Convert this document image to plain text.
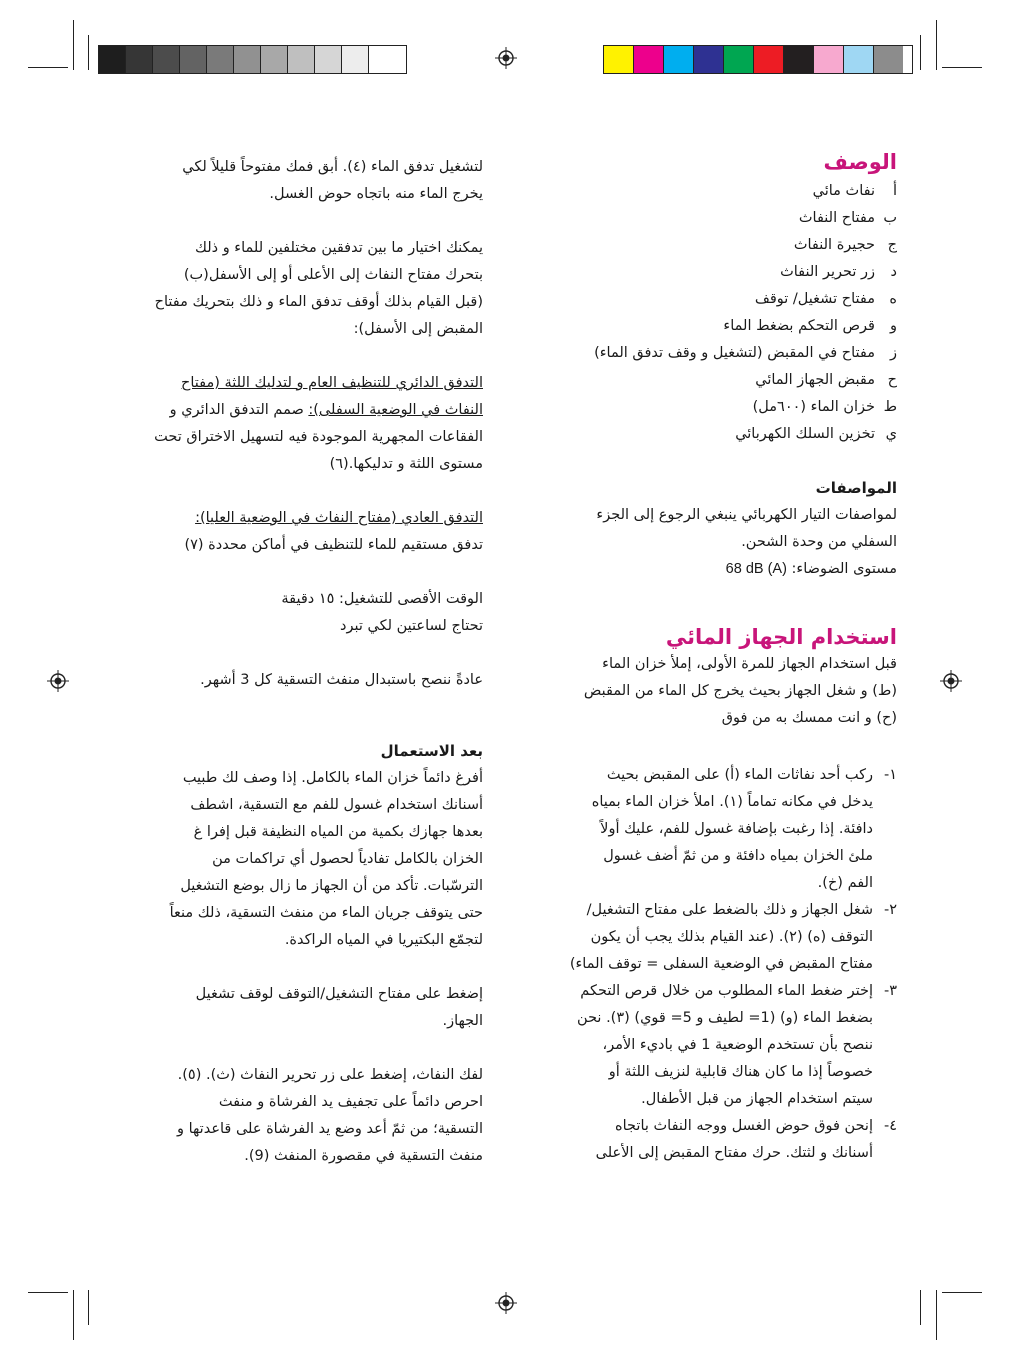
الوصف

أ
نفاث مائي
ب
مفتاح النفاث
ج
حجيرة النفاث
د
زر تحرير النفاث
ه
مفتاح تشغيل/ توقف
و
قرص التحكم بضغط الماء
ز
مفتاح في المقبض (لتشغيل و وقف تدفق الماء)
ح
مقبض الجهاز المائي
ط
خزان الماء (٦٠٠مل)
ي
تخزين السلك الكهربائي

المواصفات

لمواصفات التيار الكهربائي ينبغي الرجوع إلى الجزء

السفلي من وحدة الشحن.

مستوى الضوضاء: 68 dB (A)

استخدام الجهاز المائي

قبل استخدام الجهاز للمرة الأولى، إملأ خزان الماء

(ط) و شغل الجهاز بحيث يخرج كل الماء من المقبض

(ح) و انت ممسك به من فوق

١-

ركب أحد نفاثات الماء (أ) على المقبض بحيث

يدخل في مكانه تماماً (١). املأ خزان الماء بمياه

دافئة. إذا رغبت بإضافة غسول للفم، عليك أولاً

ملئ الخزان بمياه دافئة و من ثمّ أضف غسول

الفم (خ).

٢-

شغل الجهاز و ذلك بالضغط على مفتاح التشغيل/

التوقف (ه) (٢). (عند القيام بذلك يجب أن يكون

مفتاح المقبض في الوضعية السفلى = توقف الماء)

٣-

إختر ضغط الماء المطلوب من خلال قرص التحكم

بضغط الماء (و) (1= لطيف و 5= قوي) (٣). نحن

ننصح بأن تستخدم الوضعية 1 في باديء الأمر،

خصوصاً إذا ما كان هناك قابلية لنزيف اللثة أو

سيتم استخدام الجهاز من قبل الأطفال.

٤-

إنحن فوق حوض الغسل ووجه النفاث باتجاه

أسنانك و لثتك. حرك مفتاح المقبض إلى الأعلى

لتشغيل تدفق الماء (٤). أبق فمك مفتوحاً قليلاً لكي

يخرج الماء منه باتجاه حوض الغسل.

يمكنك اختيار ما بين تدفقين مختلفين للماء و ذلك

بتحرك مفتاح النفاث إلى الأعلى أو إلى الأسفل(ب)

(قبل القيام بذلك أوقف تدفق الماء و ذلك بتحريك مفتاح

المقبض إلى الأسفل):

التدفق الدائري للتنظيف العام و لتدليك اللثة (مفتاح

النفاث في الوضعية السفلى): صمم التدفق الدائري و

الفقاعات المجهرية الموجودة فيه لتسهيل الاختراق تحت

مستوى اللثة و تدليكها.(٦)

التدفق العادي (مفتاح النفاث في الوضعية العليا):

تدفق مستقيم للماء للتنظيف في أماكن محددة (٧)

الوقت الأقصى للتشغيل: ١٥ دقيقة

تحتاج لساعتين لكي تبرد

عادةً ننصح باستبدال منفث التسقية كل 3 أشهر.

بعد الاستعمال

أفرغ دائماً خزان الماء بالكامل. إذا وصف لك طبيب

أسنانك استخدام غسول للفم مع التسقية، اشطف

بعدها جهازك بكمية من المياه النظيفة قبل إفرا غ

الخزان بالكامل تفادياً لحصول أي تراكمات من

الترسّبات. تأكد من أن الجهاز ما زال بوضع التشغيل

حتى يتوقف جريان الماء من منفث التسقية، ذلك منعاً

لتجمّع البكتيريا في المياه الراكدة.

إضغط على مفتاح التشغيل/التوقف لوقف تشغيل

الجهاز.

لفك النفاث، إضغط على زر تحرير النفاث (ث). (٥).

احرص دائماً على تجفيف يد الفرشاة و منفث

التسقية؛ من ثمّ أعد وضع يد الفرشاة على قاعدتها و

منفث التسقية في مقصورة المنفث (9).
